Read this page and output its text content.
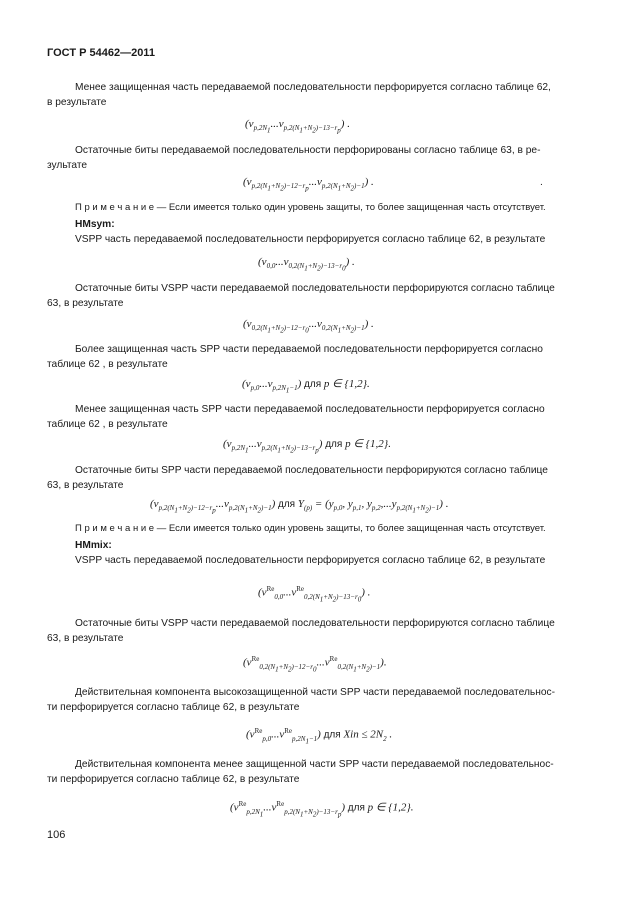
ГОСТ Р 54462—2011
Менее защищенная часть передаваемой последовательности перфорируется согласно таблице 62,
в результате
$(v_{p,2N_1}...v_{p,2(N_1+N_2)-13-r_p})$ .
Остаточные биты передаваемой последовательности перфорированы согласно таблице 63, в ре-
зультате
$(v_{p,2(N_1+N_2)-12-r_p}...v_{p,2(N_1+N_2)-1})$ .	.
П р и м е ч а н и е — Если имеется только один уровень защиты, то более защищенная часть отсутствует.
HMsym:
VSPP часть передаваемой последовательности перфорируется согласно таблице 62, в результате
$(v_{0,0}...v_{0,2(N_1+N_2)-13-r_0})$ .
Остаточные биты VSPP части передаваемой последовательности перфорируются согласно таблице
63, в результате
$(v_{0,2(N_1+N_2)-12-r_0}...v_{0,2(N_1+N_2)-1})$ .
Более защищенная часть SPP части передаваемой последовательности перфорируется согласно
таблице 62 , в результате
$(v_{p,0}...v_{p,2N_1-1})$ для p ∈ {1,2}.
Менее защищенная часть SPP части передаваемой последовательности перфорируется согласно
таблице 62 , в результате
$(v_{p,2N_1}...v_{p,2(N_1+N_2)-13-r_p})$ для p ∈ {1,2}.
Остаточные биты SPP части передаваемой последовательности перфорируются согласно таблице
63, в результате
$(v_{p,2(N_1+N_2)-12-r_p}...v_{p,2(N_1+N_2)-1})$ для $Y_{(p)} = (y_{p,0}$, $y_{p,1}$, $y_{p,2},...y_{p,2(N_1+N_2)-1}$) .
П р и м е ч а н и е — Если имеется только один уровень защиты, то более защищенная часть отсутствует.
HMmix:
VSPP часть передаваемой последовательности перфорируется согласно таблице 62, в результате
$(v^{Re}_{0,0}...v^{Re}_{0,2(N_1+N_2)-13-r_0})$ .
Остаточные биты VSPP части передаваемой последовательности перфорируются согласно таблице
63, в результате
$(v^{Re}_{0,2(N_1+N_2)-12-r_0}...v^{Re}_{0,2(N_1+N_2)-1})$.
Действительная компонента высокозащищенной части SPP части передаваемой последовательнос-
ти перфорируется согласно таблице 62, в результате
$(v^{Re}_{p,0}...v^{Re}_{p,2N_1-1})$ для Xin ≤ $2N_2$ .
Действительная компонента менее защищенной части SPP части передаваемой последовательнос-
ти перфорируется согласно таблице 62, в результате
$(v^{Re}_{p,2N_1}...v^{Re}_{p,2(N_1+N_2)-13-r_p})$ для p ∈ {1,2}.
106
